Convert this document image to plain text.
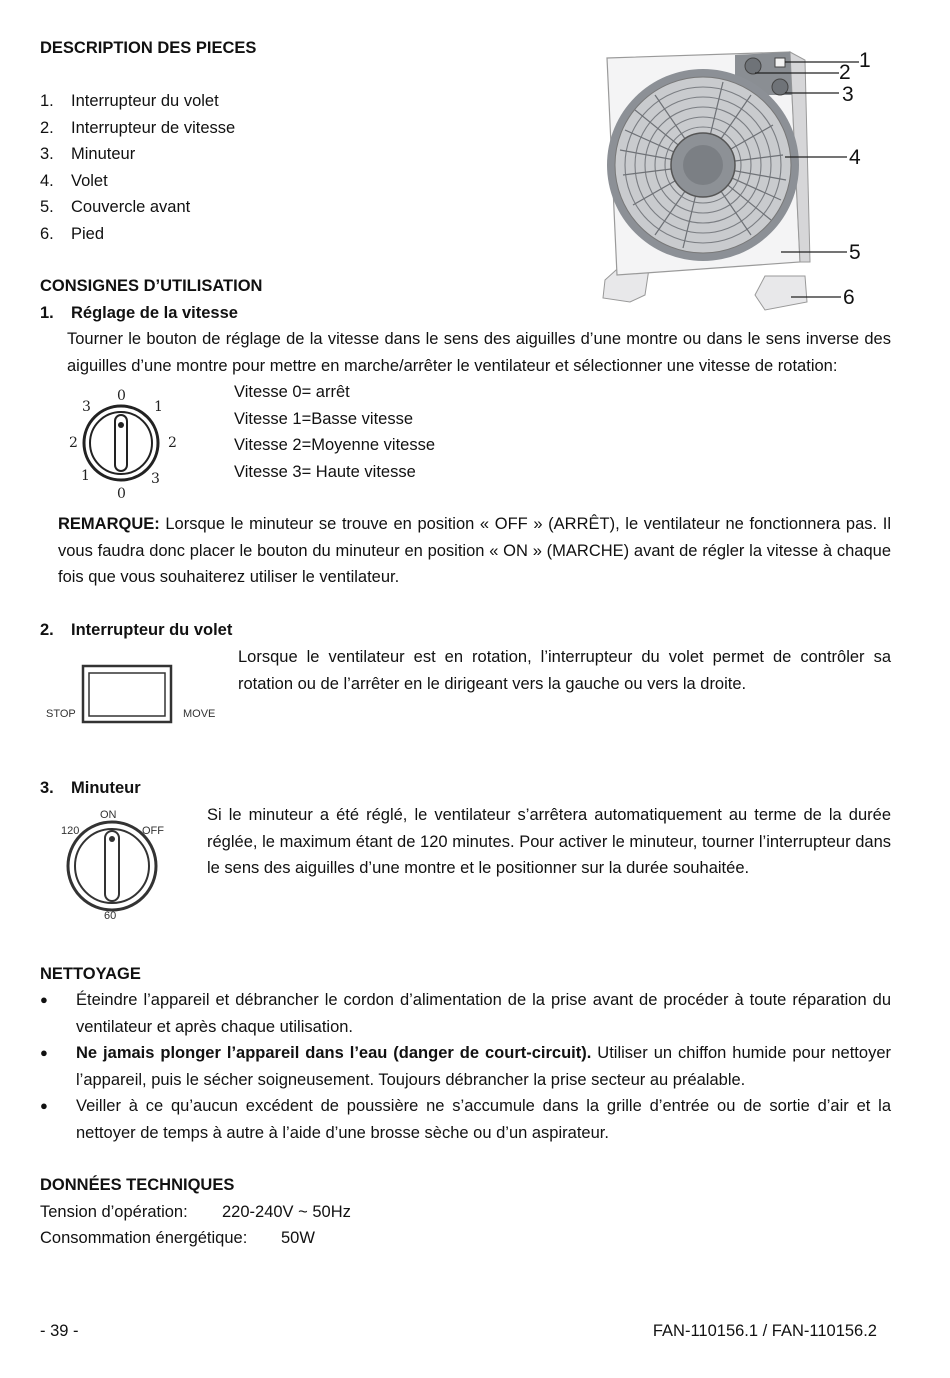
DESCRIPTION DES PIECES
1. Interrupteur du volet
2. Interrupteur de vitesse
3. Minuteur
4. Volet
5. Couvercle avant
6. Pied
1
2
3
4
5
6
CONSIGNES D’UTILISATION
1. Réglage de la vitesse
Tourner le bouton de réglage de la vitesse dans le sens des aiguilles d’une montre ou dans le sens inverse des aiguilles d’une montre pour mettre en marche/arrêter le ventilateur et sélectionner une vitesse de rotation:
0
3	1
2	2
1	3
0
Vitesse 0= arrêt
Vitesse 1=Basse vitesse
Vitesse 2=Moyenne vitesse
Vitesse 3= Haute vitesse
REMARQUE: Lorsque le minuteur se trouve en position « OFF » (ARRÊT), le ventilateur ne fonctionnera pas. Il vous faudra donc placer le bouton du minuteur en position « ON » (MARCHE) avant de régler la vitesse à chaque fois que vous souhaiterez utiliser le ventilateur.
2. Interrupteur du volet
STOP	MOVE
Lorsque le ventilateur est en rotation, l’interrupteur du volet permet de contrôler sa rotation ou de l’arrêter en le dirigeant vers la gauche ou vers la droite.
3. Minuteur
ON
OFF
120
60
Si le minuteur a été réglé, le ventilateur s’arrêtera automatiquement au terme de la durée réglée, le maximum étant de 120 minutes. Pour activer le minuteur, tourner l’interrupteur dans le sens des aiguilles d’une montre et le positionner sur la durée souhaitée.
NETTOYAGE
● Éteindre l’appareil et débrancher le cordon d’alimentation de la prise avant de procéder à toute réparation du ventilateur et après chaque utilisation.
● Ne jamais plonger l’appareil dans l’eau (danger de court-circuit). Utiliser un chiffon humide pour nettoyer l’appareil, puis le sécher soigneusement. Toujours débrancher la prise secteur au préalable.
● Veiller à ce qu’aucun excédent de poussière ne s’accumule dans la grille d’entrée ou de sortie d’air et la nettoyer de temps à autre à l’aide d’une brosse sèche ou d’un aspirateur.
DONNÉES TECHNIQUES
Tension d’opération: 220-240V ~ 50Hz
Consommation énergétique: 50W
- 39 -	FAN-110156.1 / FAN-110156.2
